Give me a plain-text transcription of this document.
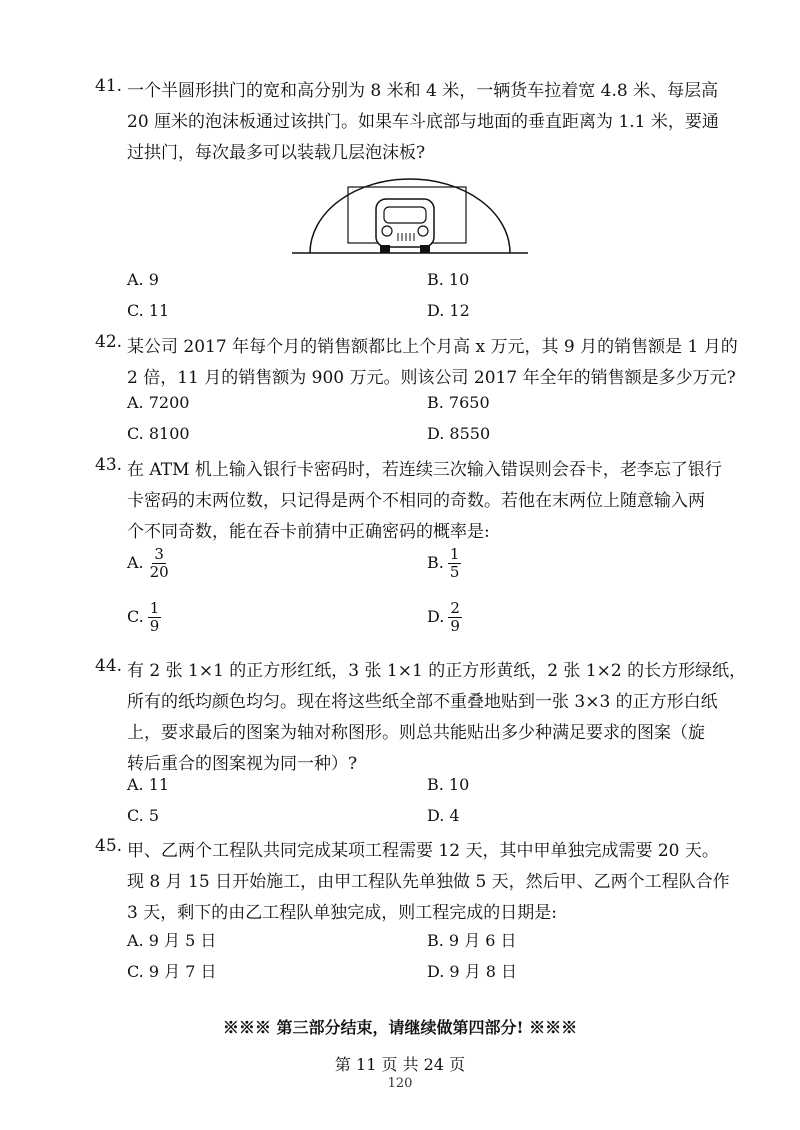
41. 一个半圆形拱门的宽和高分别为 8 米和 4 米，一辆货车拉着宽 4.8 米、每层高
20 厘米的泡沫板通过该拱门。如果车斗底部与地面的垂直距离为 1.1 米，要通
过拱门，每次最多可以装载几层泡沫板?
A. 9	B. 10
C. 11	D. 12
42. 某公司 2017 年每个月的销售额都比上个月高 x 万元，其 9 月的销售额是 1 月的
2 倍，11 月的销售额为 900 万元。则该公司 2017 年全年的销售额是多少万元?
A. 7200	B. 7650
C. 8100	D. 8550
43. 在 ATM 机上输入银行卡密码时，若连续三次输入错误则会吞卡，老李忘了银行
卡密码的末两位数，只记得是两个不相同的奇数。若他在末两位上随意输入两
个不同奇数，能在吞卡前猜中正确密码的概率是:
A. $\frac{3}{20}$	B. $\frac{1}{5}$
C. $\frac{1}{9}$	D. $\frac{2}{9}$
44. 有 2 张 1×1 的正方形红纸，3 张 1×1 的正方形黄纸，2 张 1×2 的长方形绿纸，
所有的纸均颜色均匀。现在将这些纸全部不重叠地贴到一张 3×3 的正方形白纸
上，要求最后的图案为轴对称图形。则总共能贴出多少种满足要求的图案（旋
转后重合的图案视为同一种）?
A. 11	B. 10
C. 5	D. 4
45. 甲、乙两个工程队共同完成某项工程需要 12 天，其中甲单独完成需要 20 天。
现 8 月 15 日开始施工，由甲工程队先单独做 5 天，然后甲、乙两个工程队合作
3 天，剩下的由乙工程队单独完成，则工程完成的日期是:
A. 9 月 5 日	B. 9 月 6 日
C. 9 月 7 日	D. 9 月 8 日
※※※ 第三部分结束，请继续做第四部分! ※※※
第 11 页 共 24 页
120
